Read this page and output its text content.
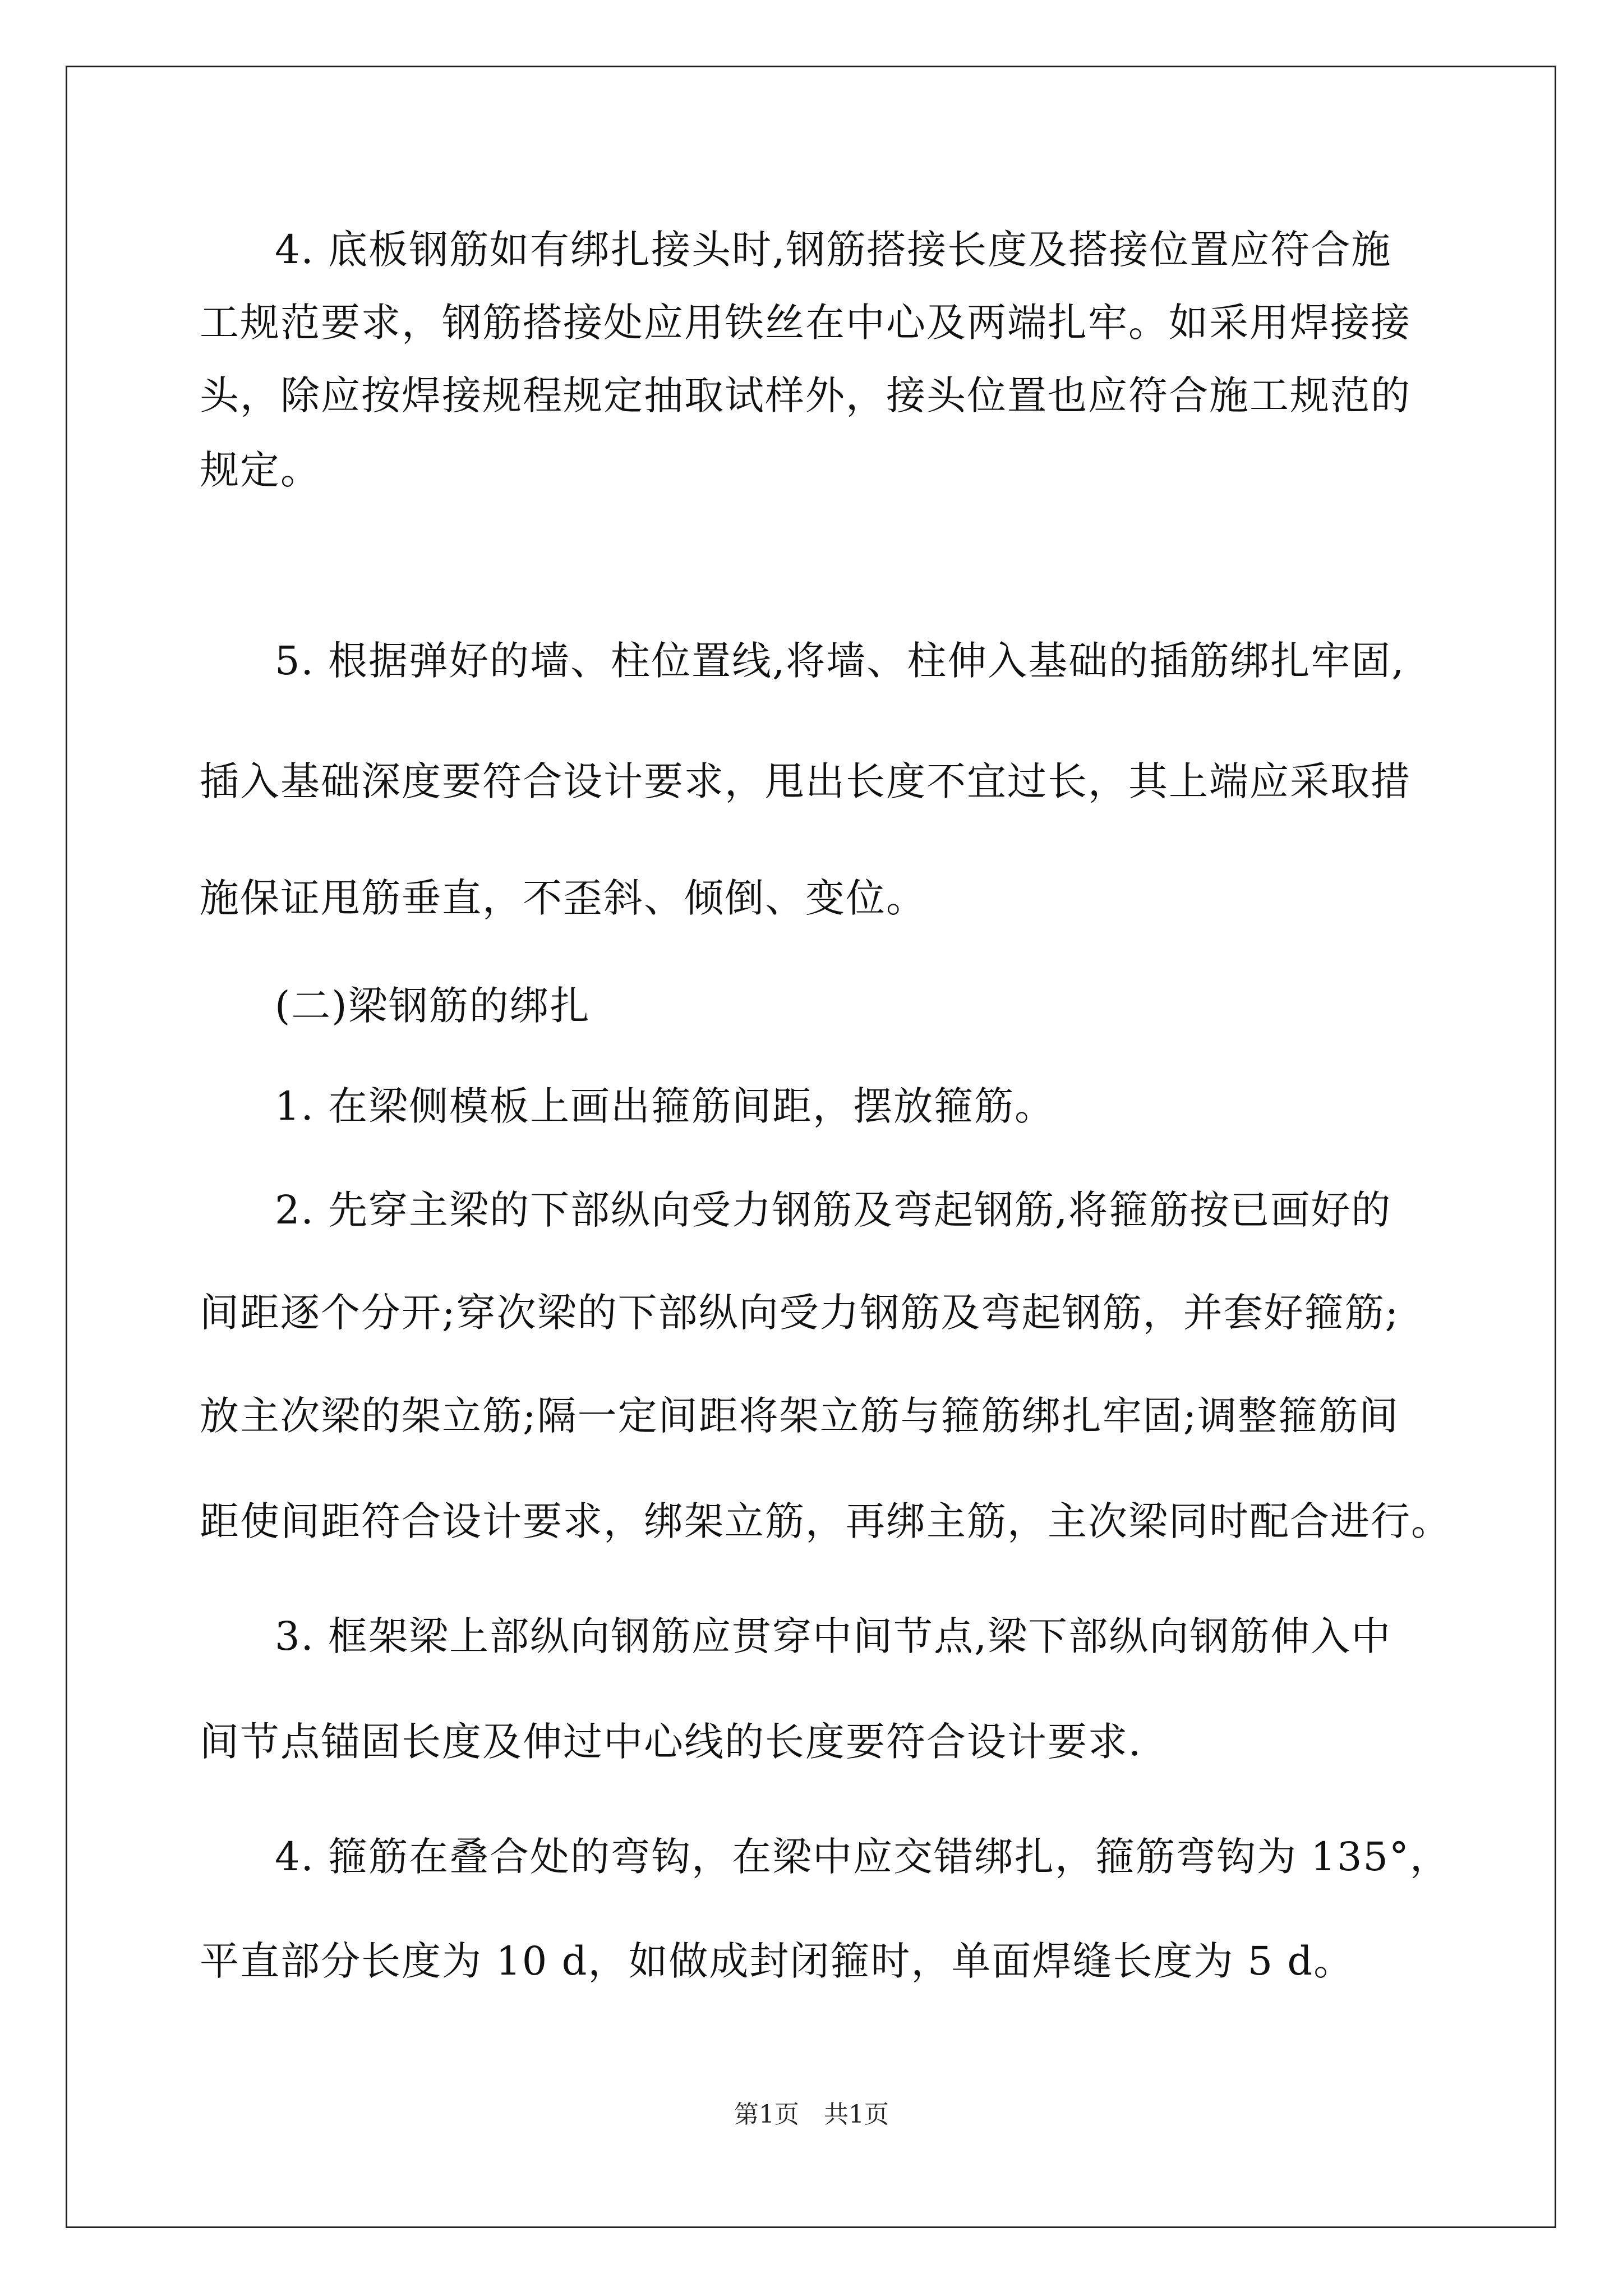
4. 底板钢筋如有绑扎接头时,钢筋搭接长度及搭接位置应符合施
工规范要求，钢筋搭接处应用铁丝在中心及两端扎牢。如采用焊接接
头，除应按焊接规程规定抽取试样外，接头位置也应符合施工规范的
规定。
5. 根据弹好的墙、柱位置线,将墙、柱伸入基础的插筋绑扎牢固,
插入基础深度要符合设计要求，甩出长度不宜过长，其上端应采取措
施保证甩筋垂直，不歪斜、倾倒、变位。
(二)梁钢筋的绑扎
1. 在梁侧模板上画出箍筋间距，摆放箍筋。
2. 先穿主梁的下部纵向受力钢筋及弯起钢筋,将箍筋按已画好的
间距逐个分开;穿次梁的下部纵向受力钢筋及弯起钢筋，并套好箍筋;
放主次梁的架立筋;隔一定间距将架立筋与箍筋绑扎牢固;调整箍筋间
距使间距符合设计要求，绑架立筋，再绑主筋，主次梁同时配合进行。
3. 框架梁上部纵向钢筋应贯穿中间节点,梁下部纵向钢筋伸入中
间节点锚固长度及伸过中心线的长度要符合设计要求.
4. 箍筋在叠合处的弯钩，在梁中应交错绑扎，箍筋弯钩为 135°，
平直部分长度为 10 d，如做成封闭箍时，单面焊缝长度为 5 d。
第1页　共1页
